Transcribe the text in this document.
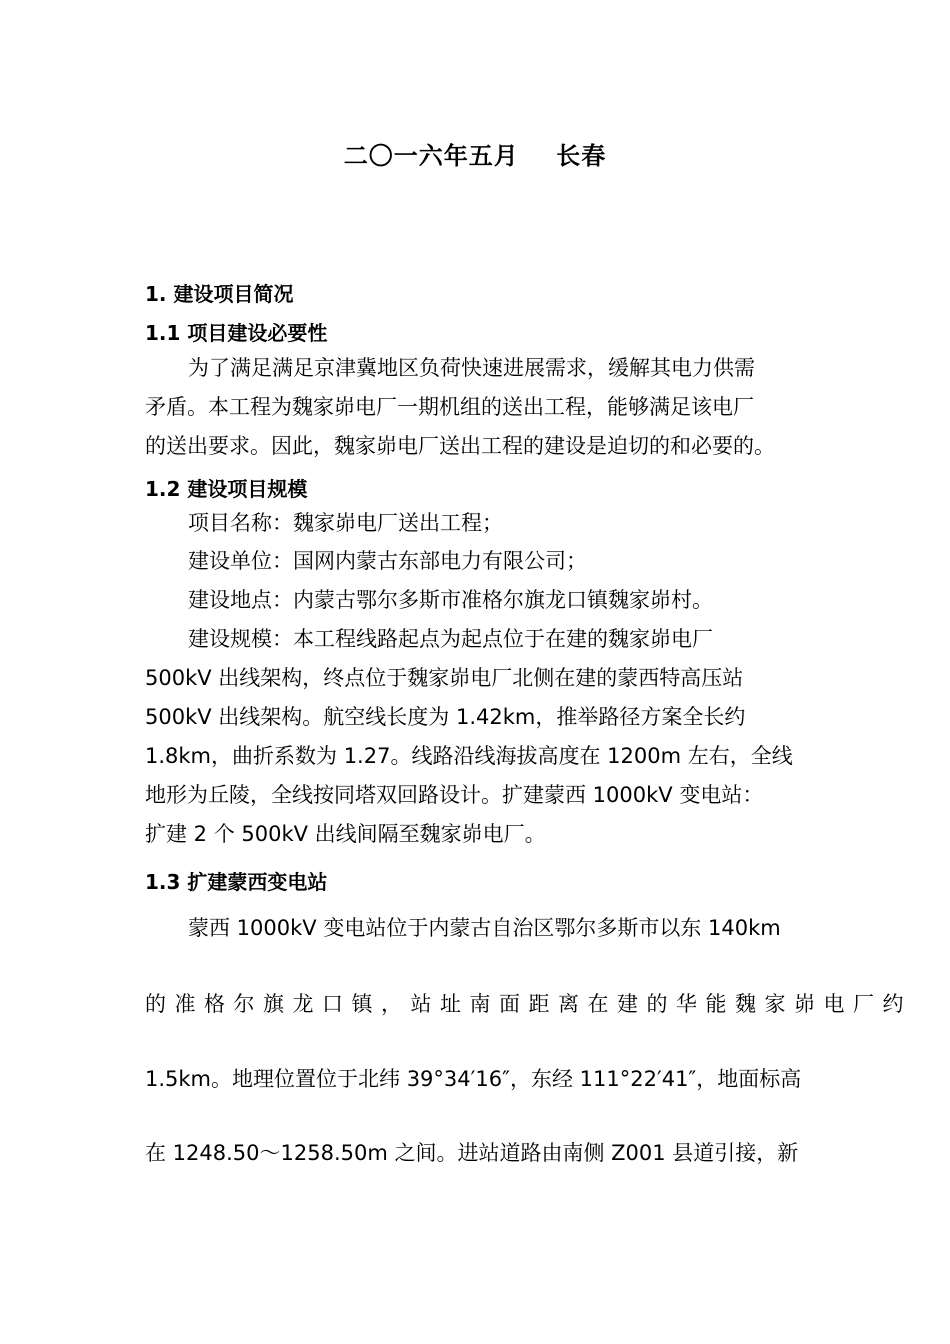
二〇一六年五月    长春
1. 建设项目简况
1.1 项目建设必要性
为了满足满足京津冀地区负荷快速进展需求，缓解其电力供需
矛盾。本工程为魏家峁电厂一期机组的送出工程，能够满足该电厂
的送出要求。因此，魏家峁电厂送出工程的建设是迫切的和必要的。
1.2 建设项目规模
项目名称：魏家峁电厂送出工程；
建设单位：国网内蒙古东部电力有限公司；
建设地点：内蒙古鄂尔多斯市准格尔旗龙口镇魏家峁村。
建设规模：本工程线路起点为起点位于在建的魏家峁电厂
500kV 出线架构，终点位于魏家峁电厂北侧在建的蒙西特高压站
500kV 出线架构。航空线长度为 1.42km，推举路径方案全长约
1.8km，曲折系数为 1.27。线路沿线海拔高度在 1200m 左右，全线
地形为丘陵，全线按同塔双回路设计。扩建蒙西 1000kV 变电站：
扩建 2 个 500kV 出线间隔至魏家峁电厂。
1.3 扩建蒙西变电站
蒙西 1000kV 变电站位于内蒙古自治区鄂尔多斯市以东 140km
的准格尔旗龙口镇，站址南面距离在建的华能魏家峁电厂约
1.5km。地理位置位于北纬 39°34′16″，东经 111°22′41″，地面标高
在 1248.50～1258.50m 之间。进站道路由南侧 Z001 县道引接，新
